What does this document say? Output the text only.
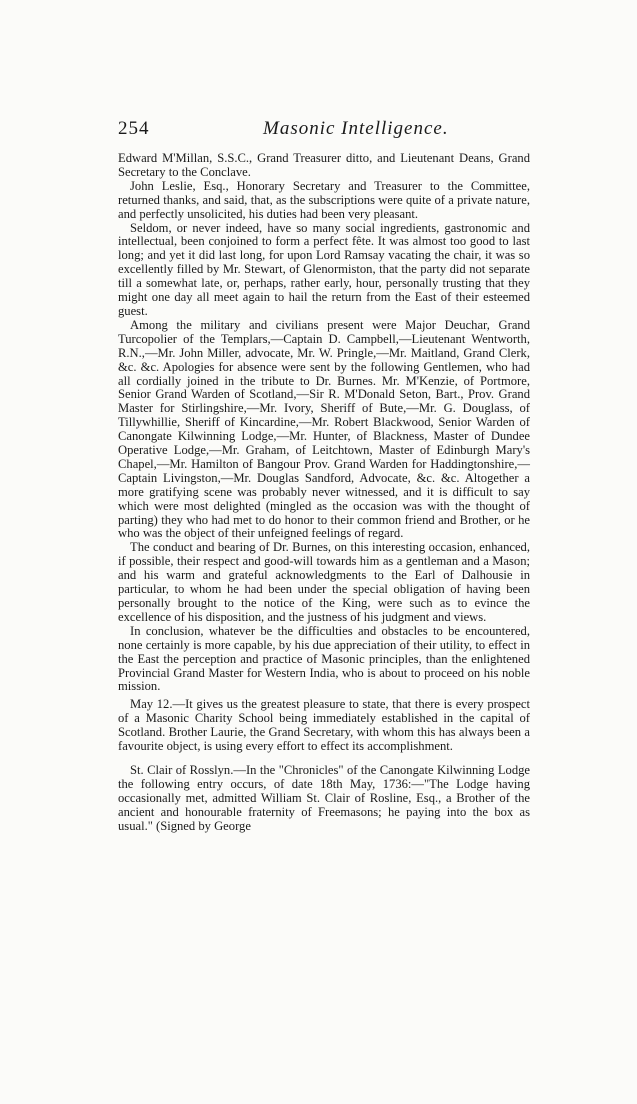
254	Masonic Intelligence.

Edward M'Millan, S.S.C., Grand Treasurer ditto, and Lieutenant Deans, Grand Secretary to the Conclave.

John Leslie, Esq., Honorary Secretary and Treasurer to the Committee, returned thanks, and said, that, as the subscriptions were quite of a private nature, and perfectly unsolicited, his duties had been very pleasant.

Seldom, or never indeed, have so many social ingredients, gastronomic and intellectual, been conjoined to form a perfect fête. It was almost too good to last long; and yet it did last long, for upon Lord Ramsay vacating the chair, it was so excellently filled by Mr. Stewart, of Glenormiston, that the party did not separate till a somewhat late, or, perhaps, rather early, hour, personally trusting that they might one day all meet again to hail the return from the East of their esteemed guest.

Among the military and civilians present were Major Deuchar, Grand Turcopolier of the Templars,—Captain D. Campbell,—Lieutenant Wentworth, R.N.,—Mr. John Miller, advocate, Mr. W. Pringle,—Mr. Maitland, Grand Clerk, &c. &c. Apologies for absence were sent by the following Gentlemen, who had all cordially joined in the tribute to Dr. Burnes. Mr. M'Kenzie, of Portmore, Senior Grand Warden of Scotland,—Sir R. M'Donald Seton, Bart., Prov. Grand Master for Stirlingshire,—Mr. Ivory, Sheriff of Bute,—Mr. G. Douglass, of Tillywhillie, Sheriff of Kincardine,—Mr. Robert Blackwood, Senior Warden of Canongate Kilwinning Lodge,—Mr. Hunter, of Blackness, Master of Dundee Operative Lodge,—Mr. Graham, of Leitchtown, Master of Edinburgh Mary's Chapel,—Mr. Hamilton of Bangour Prov. Grand Warden for Haddingtonshire,—Captain Livingston,—Mr. Douglas Sandford, Advocate, &c. &c. Altogether a more gratifying scene was probably never witnessed, and it is difficult to say which were most delighted (mingled as the occasion was with the thought of parting) they who had met to do honor to their common friend and Brother, or he who was the object of their unfeigned feelings of regard.

The conduct and bearing of Dr. Burnes, on this interesting occasion, enhanced, if possible, their respect and good-will towards him as a gentleman and a Mason; and his warm and grateful acknowledgments to the Earl of Dalhousie in particular, to whom he had been under the special obligation of having been personally brought to the notice of the King, were such as to evince the excellence of his disposition, and the justness of his judgment and views.

In conclusion, whatever be the difficulties and obstacles to be encountered, none certainly is more capable, by his due appreciation of their utility, to effect in the East the perception and practice of Masonic principles, than the enlightened Provincial Grand Master for Western India, who is about to proceed on his noble mission.

May 12.—It gives us the greatest pleasure to state, that there is every prospect of a Masonic Charity School being immediately established in the capital of Scotland. Brother Laurie, the Grand Secretary, with whom this has always been a favourite object, is using every effort to effect its accomplishment.

St. Clair of Rosslyn.—In the "Chronicles" of the Canongate Kilwinning Lodge the following entry occurs, of date 18th May, 1736:—"The Lodge having occasionally met, admitted William St. Clair of Rosline, Esq., a Brother of the ancient and honourable fraternity of Freemasons; he paying into the box as usual." (Signed by George
